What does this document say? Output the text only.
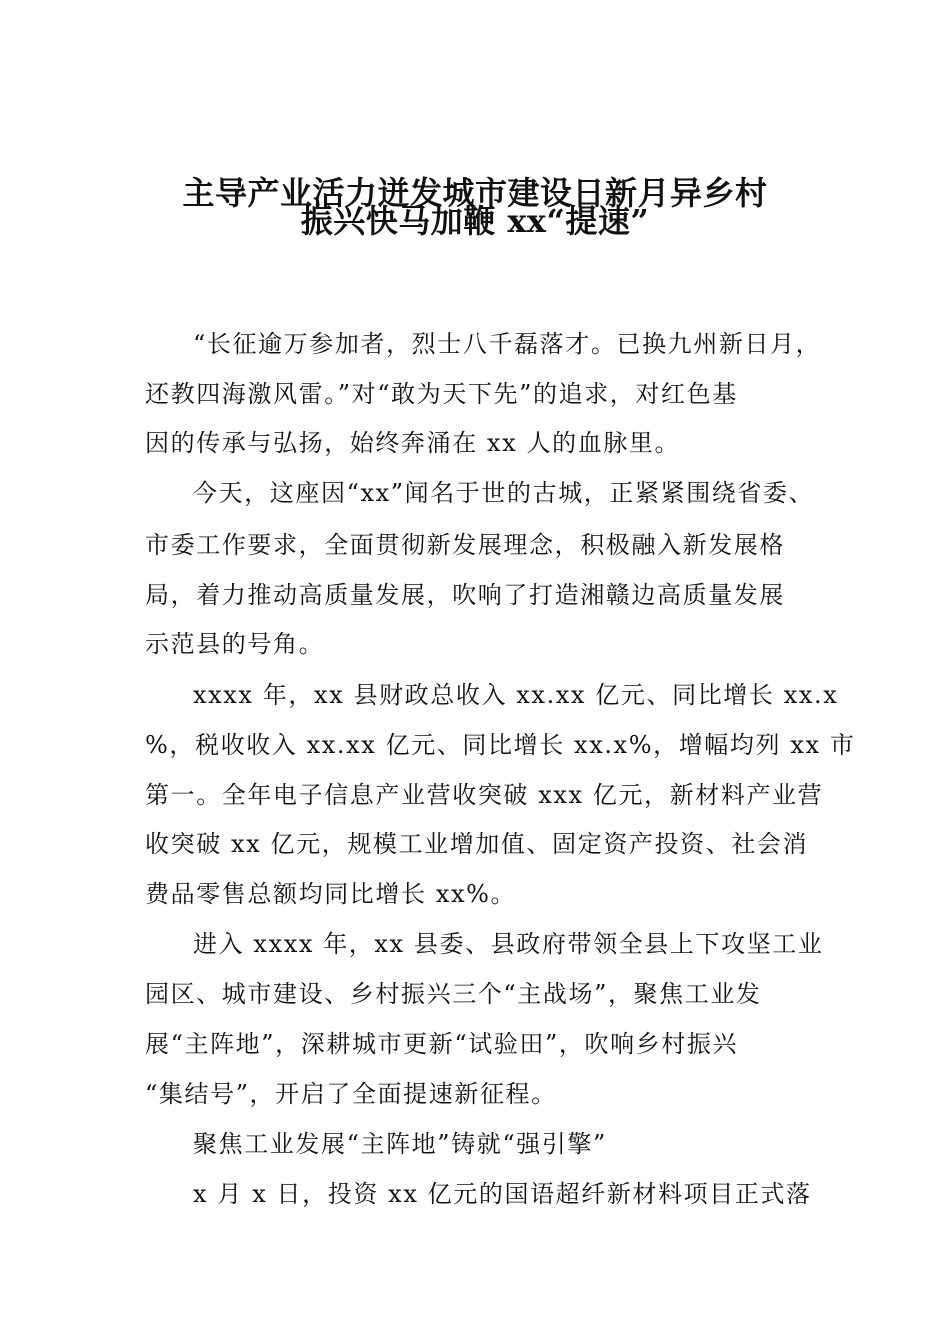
主导产业活力迸发城市建设日新月异乡村
振兴快马加鞭 xx“提速”
“长征逾万参加者，烈士八千磊落才。已换九州新日月，
还教四海激风雷。”对“敢为天下先”的追求，对红色基
因的传承与弘扬，始终奔涌在 xx 人的血脉里。
今天，这座因“xx”闻名于世的古城，正紧紧围绕省委、
市委工作要求，全面贯彻新发展理念，积极融入新发展格
局，着力推动高质量发展，吹响了打造湘赣边高质量发展
示范县的号角。
xxxx 年，xx 县财政总收入 xx.xx 亿元、同比增长 xx.x
%，税收收入 xx.xx 亿元、同比增长 xx.x%，增幅均列 xx 市
第一。全年电子信息产业营收突破 xxx 亿元，新材料产业营
收突破 xx 亿元，规模工业增加值、固定资产投资、社会消
费品零售总额均同比增长 xx%。
进入 xxxx 年，xx 县委、县政府带领全县上下攻坚工业
园区、城市建设、乡村振兴三个“主战场”，聚焦工业发
展“主阵地”，深耕城市更新“试验田”，吹响乡村振兴
“集结号”，开启了全面提速新征程。
聚焦工业发展“主阵地”铸就“强引擎”
x 月 x 日，投资 xx 亿元的国语超纤新材料项目正式落
